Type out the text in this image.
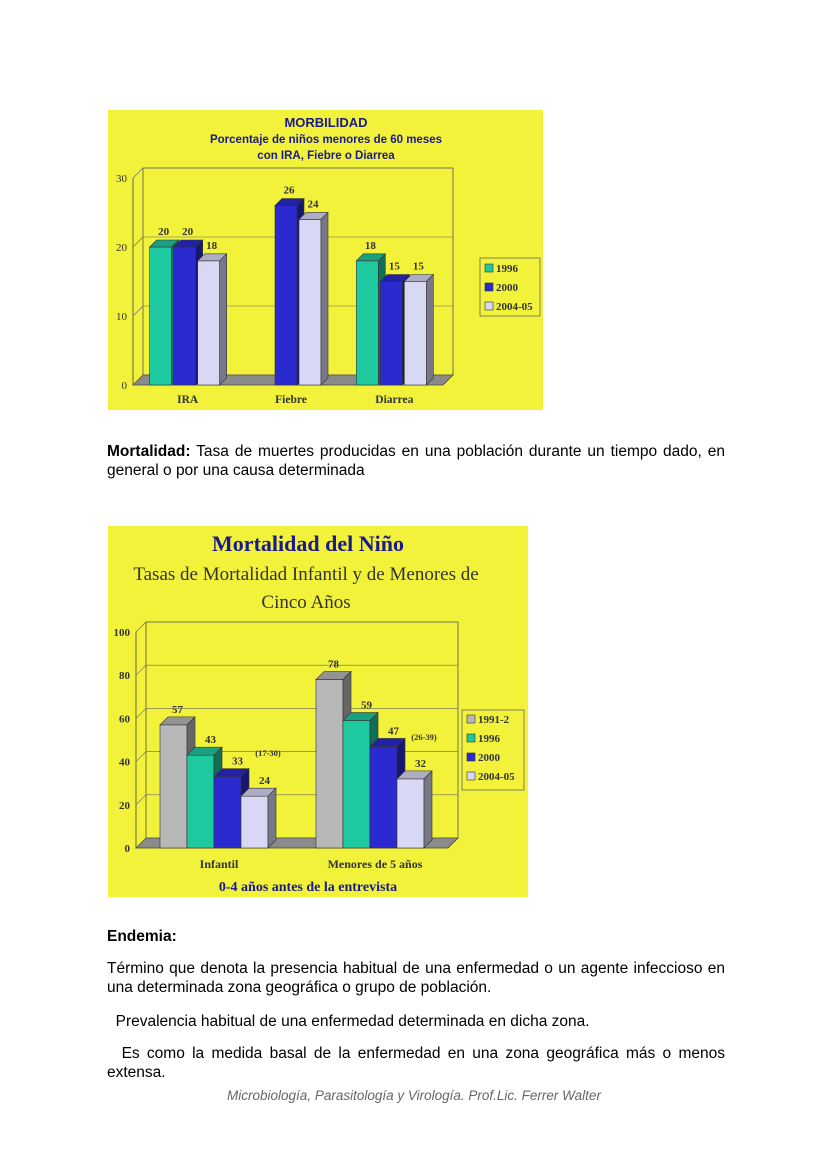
MORBILIDAD
Porcentaje de niños menores de 60 meses
con IRA, Fiebre o Diarrea
0
10
20
30
20 20
18
IRA
26
24
Fiebre
18
15 15
Diarrea
1996
2000
2004-05

Mortalidad: Tasa de muertes producidas en una población durante un tiempo dado, en general o por una causa determinada

Mortalidad del Niño
Tasas de Mortalidad Infantil y de Menores de
Cinco Años
0
20
40
60
80
100
57
43
33
24
Infantil
78
59
47
32
Menores de 5 años
(17-30)
(26-39)
0-4 años antes de la entrevista
1991-2
1996
2000
2004-05

Endemia:

Término que denota la presencia habitual de una enfermedad o un agente infeccioso en una determinada zona geográfica o grupo de población.

Prevalencia habitual de una enfermedad determinada en dicha zona.

Es como la medida basal de la enfermedad en una zona geográfica más o menos extensa.

Microbiología, Parasitología y Virología. Prof.Lic. Ferrer Walter
